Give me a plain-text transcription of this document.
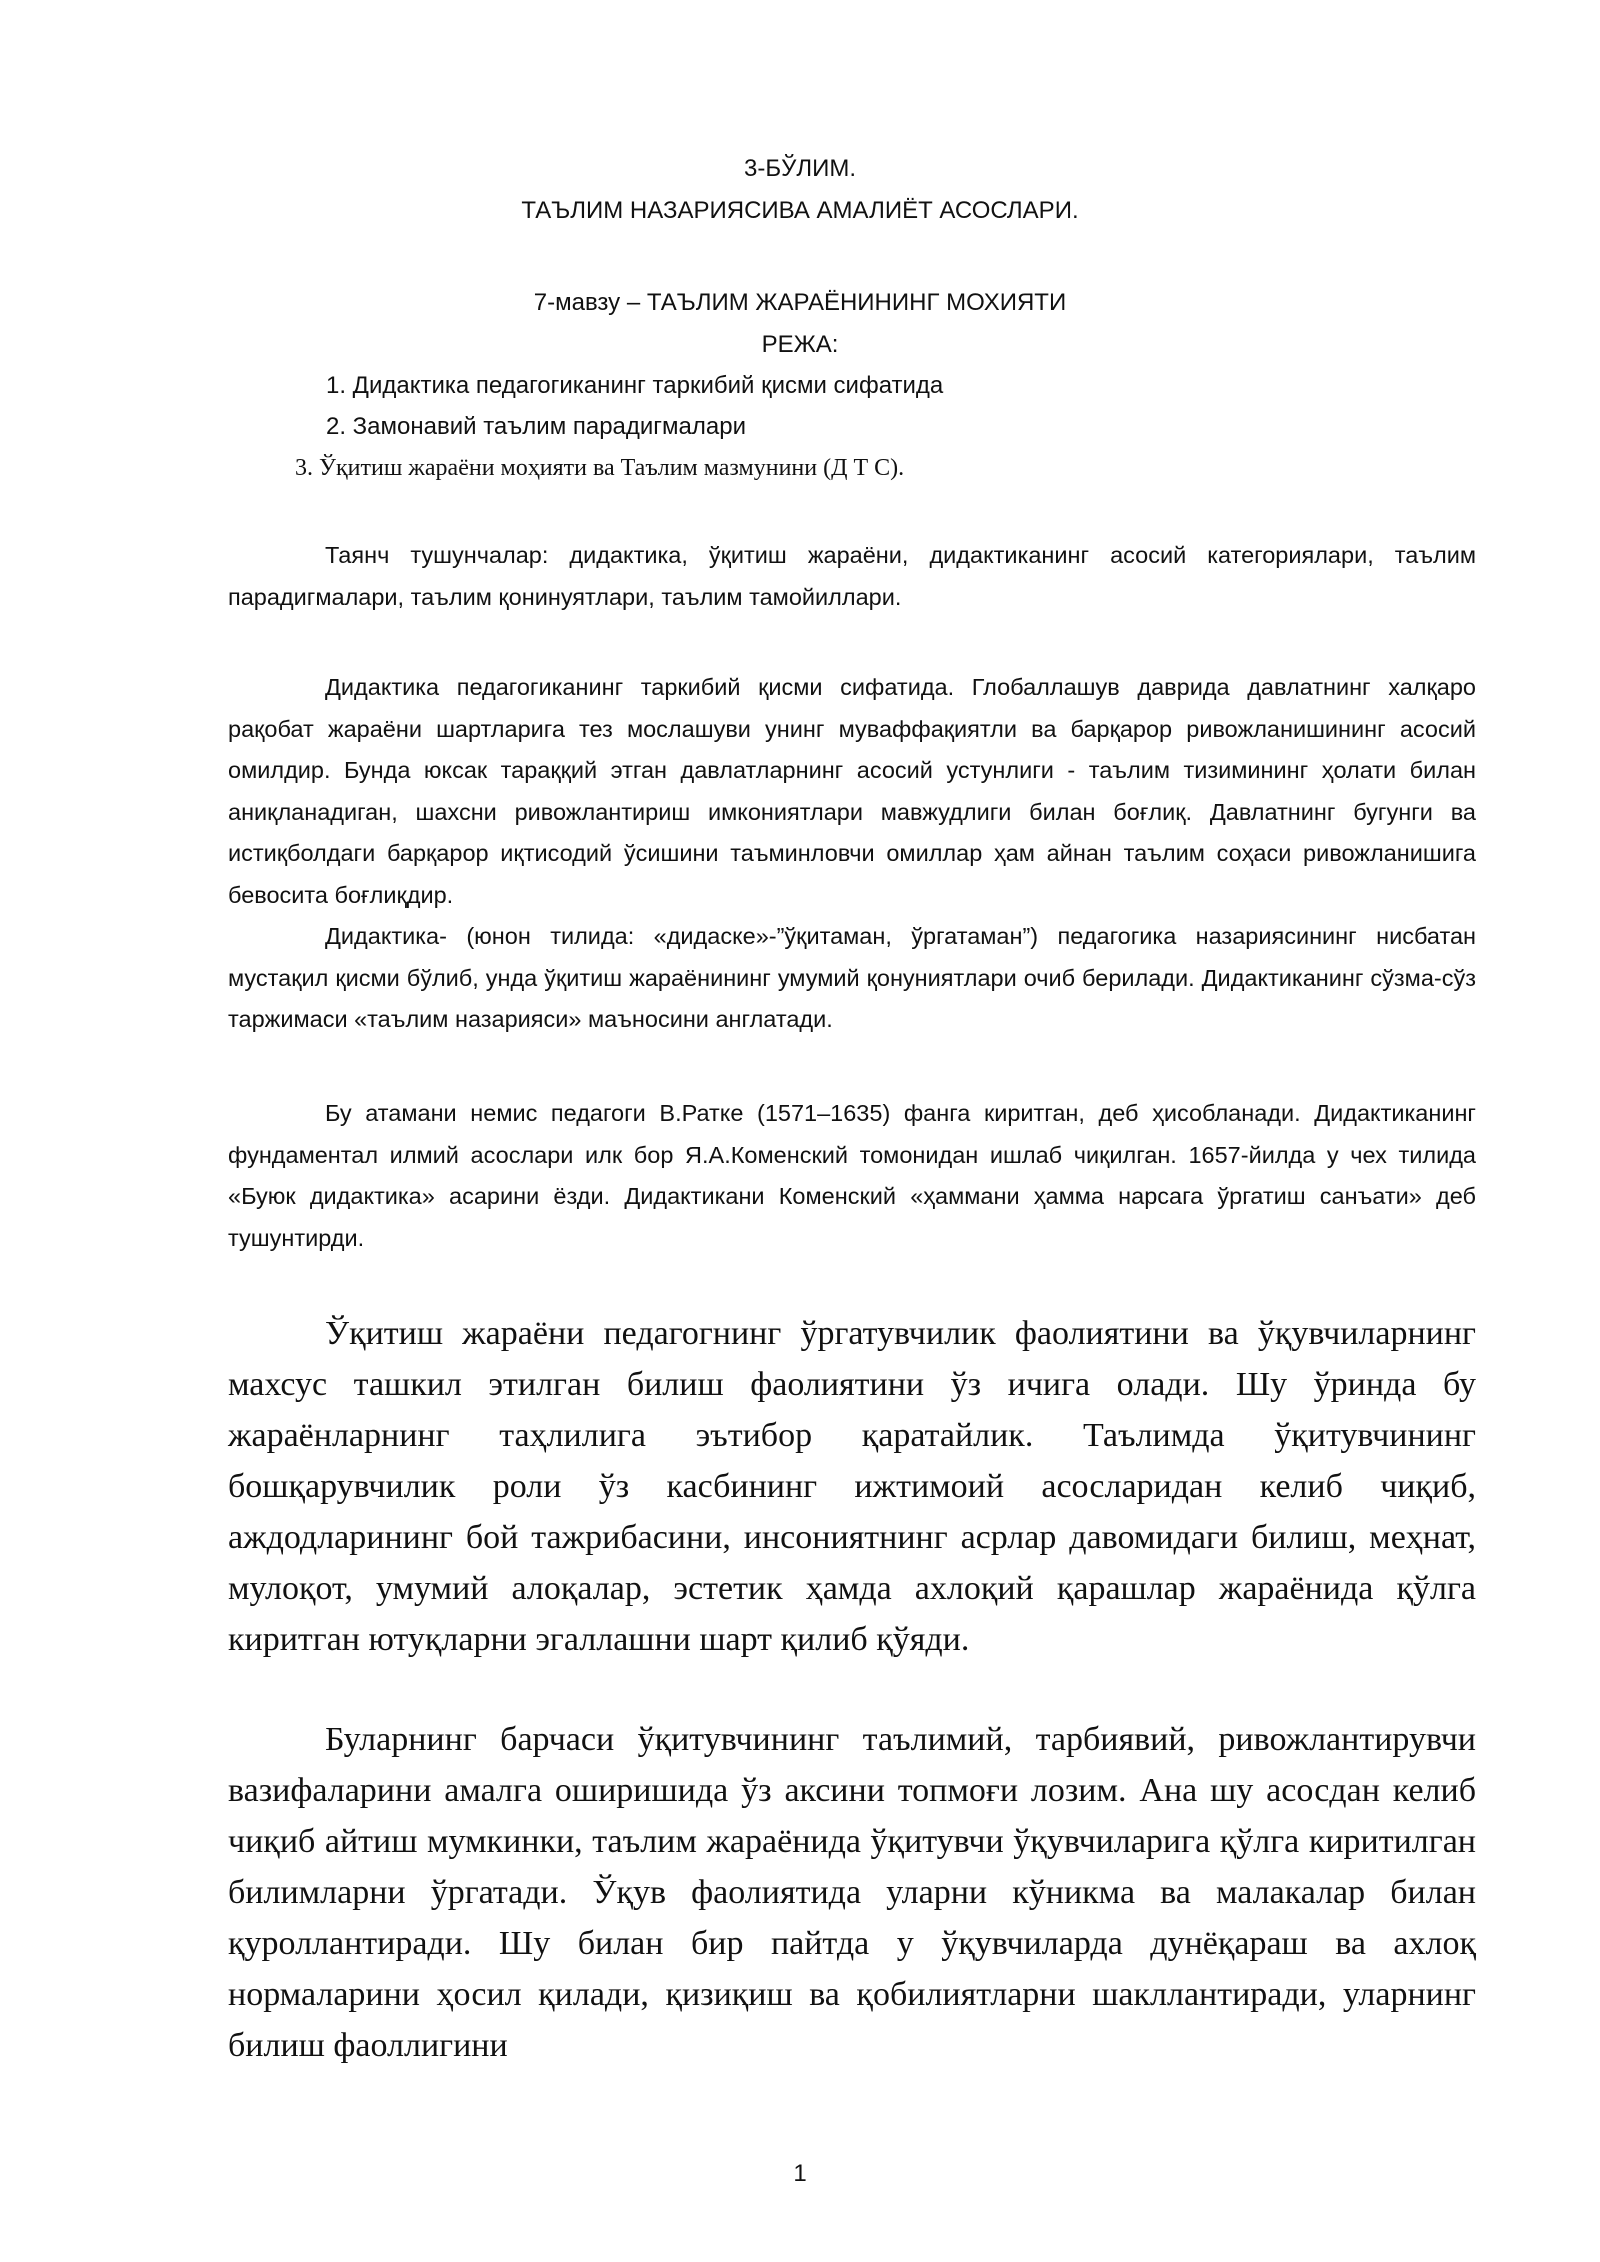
3-БЎЛИМ.
ТАЪЛИМ НАЗАРИЯСИВА АМАЛИЁТ АСОСЛАРИ.
7-мавзу – ТАЪЛИМ ЖАРАЁНИНИНГ МОХИЯТИ
РЕЖА:
1. Дидактика педагогиканинг таркибий қисми сифатида
2. Замонавий таълим парадигмалари
3. Ўқитиш жараёни моҳияти ва Таълим мазмунини (Д Т С).
Таянч тушунчалар: дидактика, ўқитиш жараёни, дидактиканинг асосий категориялари, таълим парадигмалари, таълим қонинуятлари, таълим тамойиллари.
Дидактика педагогиканинг таркибий қисми сифатида. Глобаллашув даврида давлатнинг халқаро рақобат жараёни шартларига тез мослашуви унинг муваффақиятли ва барқарор ривожланишининг асосий омилдир. Бунда юксак тараққий этган давлатларнинг асосий устунлиги - таълим тизимининг ҳолати билан аниқланадиган, шахсни ривожлантириш имкониятлари мавжудлиги билан боғлиқ. Давлатнинг бугунги ва истиқболдаги барқарор иқтисодий ўсишини таъминловчи омиллар ҳам айнан таълим соҳаси ривожланишига бевосита боғлиқдир.
Дидактика- (юнон тилида: «дидаске»-”ўқитаман, ўргатаман”) педагогика назариясининг нисбатан мустақил қисми бўлиб, унда ўқитиш жараёнининг умумий қонуниятлари очиб берилади. Дидактиканинг сўзма-сўз таржимаси «таълим назарияси» маъносини англатади.
Бу атамани немис педагоги В.Ратке (1571–1635) фанга киритган, деб ҳисобланади. Дидактиканинг фундаментал илмий асослари илк бор Я.А.Коменский томонидан ишлаб чиқилган. 1657-йилда у чех тилида «Буюк дидактика» асарини ёзди. Дидактикани Коменский «ҳаммани ҳамма нарсага ўргатиш санъати» деб тушунтирди.
Ўқитиш жараёни педагогнинг ўргатувчилик фаолиятини ва ўқувчиларнинг махсус ташкил этилган билиш фаолиятини ўз ичига олади. Шу ўринда бу жараёнларнинг таҳлилига эътибор қаратайлик. Таълимда ўқитувчининг бошқарувчилик роли ўз касбининг ижтимоий асосларидан келиб чиқиб, аждодларининг бой тажрибасини, инсониятнинг асрлар давомидаги билиш, меҳнат, мулоқот, умумий алоқалар, эстетик ҳамда ахлоқий қарашлар жараёнида қўлга киритган ютуқларни эгаллашни шарт қилиб қўяди.
Буларнинг барчаси ўқитувчининг таълимий, тарбиявий, ривожлантирувчи вазифаларини амалга оширишида ўз аксини топмоғи лозим. Ана шу асосдан келиб чиқиб айтиш мумкинки, таълим жараёнида ўқитувчи ўқувчиларига қўлга киритилган билимларни ўргатади. Ўқув фаолиятида уларни кўникма ва малакалар билан қуроллантиради. Шу билан бир пайтда у ўқувчиларда дунёқараш ва ахлоқ нормаларини ҳосил қилади, қизиқиш ва қобилиятларни шакллантиради, уларнинг билиш фаоллигини
1
